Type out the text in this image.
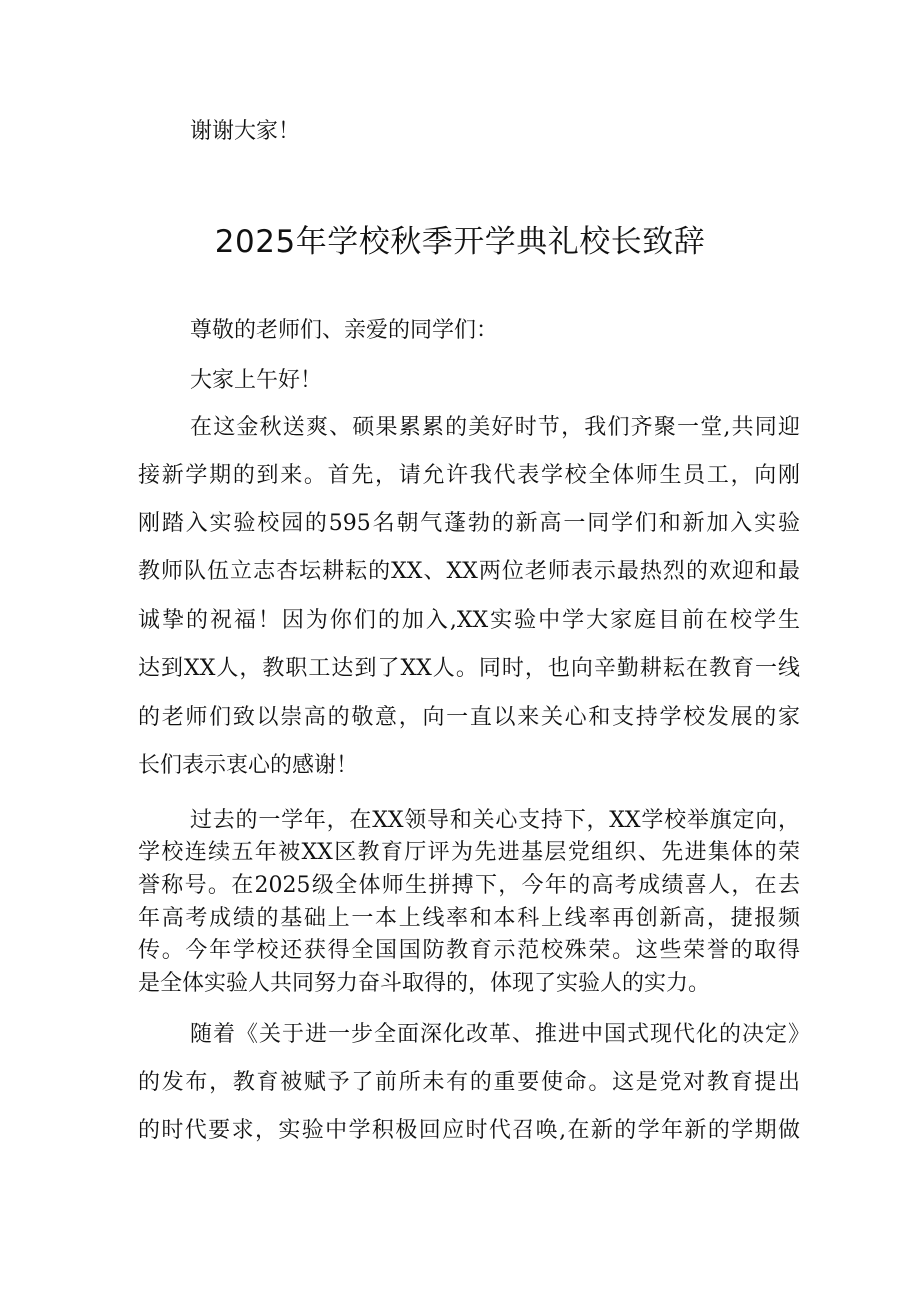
谢谢大家！

2025年学校秋季开学典礼校长致辞

尊敬的老师们、亲爱的同学们：

大家上午好！

在这金秋送爽、硕果累累的美好时节，我们齐聚一堂,共同迎

接新学期的到来。首先，请允许我代表学校全体师生员工，向刚

刚踏入实验校园的595名朝气蓬勃的新高一同学们和新加入实验

教师队伍立志杏坛耕耘的XX、XX两位老师表示最热烈的欢迎和最

诚挚的祝福！因为你们的加入,XX实验中学大家庭目前在校学生

达到XX人，教职工达到了XX人。同时，也向辛勤耕耘在教育一线

的老师们致以崇高的敬意，向一直以来关心和支持学校发展的家

长们表示衷心的感谢！

过去的一学年，在XX领导和关心支持下，XX学校举旗定向，

学校连续五年被XX区教育厅评为先进基层党组织、先进集体的荣

誉称号。在2025级全体师生拼搏下，今年的高考成绩喜人，在去

年高考成绩的基础上一本上线率和本科上线率再创新高，捷报频

传。今年学校还获得全国国防教育示范校殊荣。这些荣誉的取得

是全体实验人共同努力奋斗取得的，体现了实验人的实力。

随着《关于进一步全面深化改革、推进中国式现代化的决定》

的发布，教育被赋予了前所未有的重要使命。这是党对教育提出

的时代要求，实验中学积极回应时代召唤,在新的学年新的学期做
